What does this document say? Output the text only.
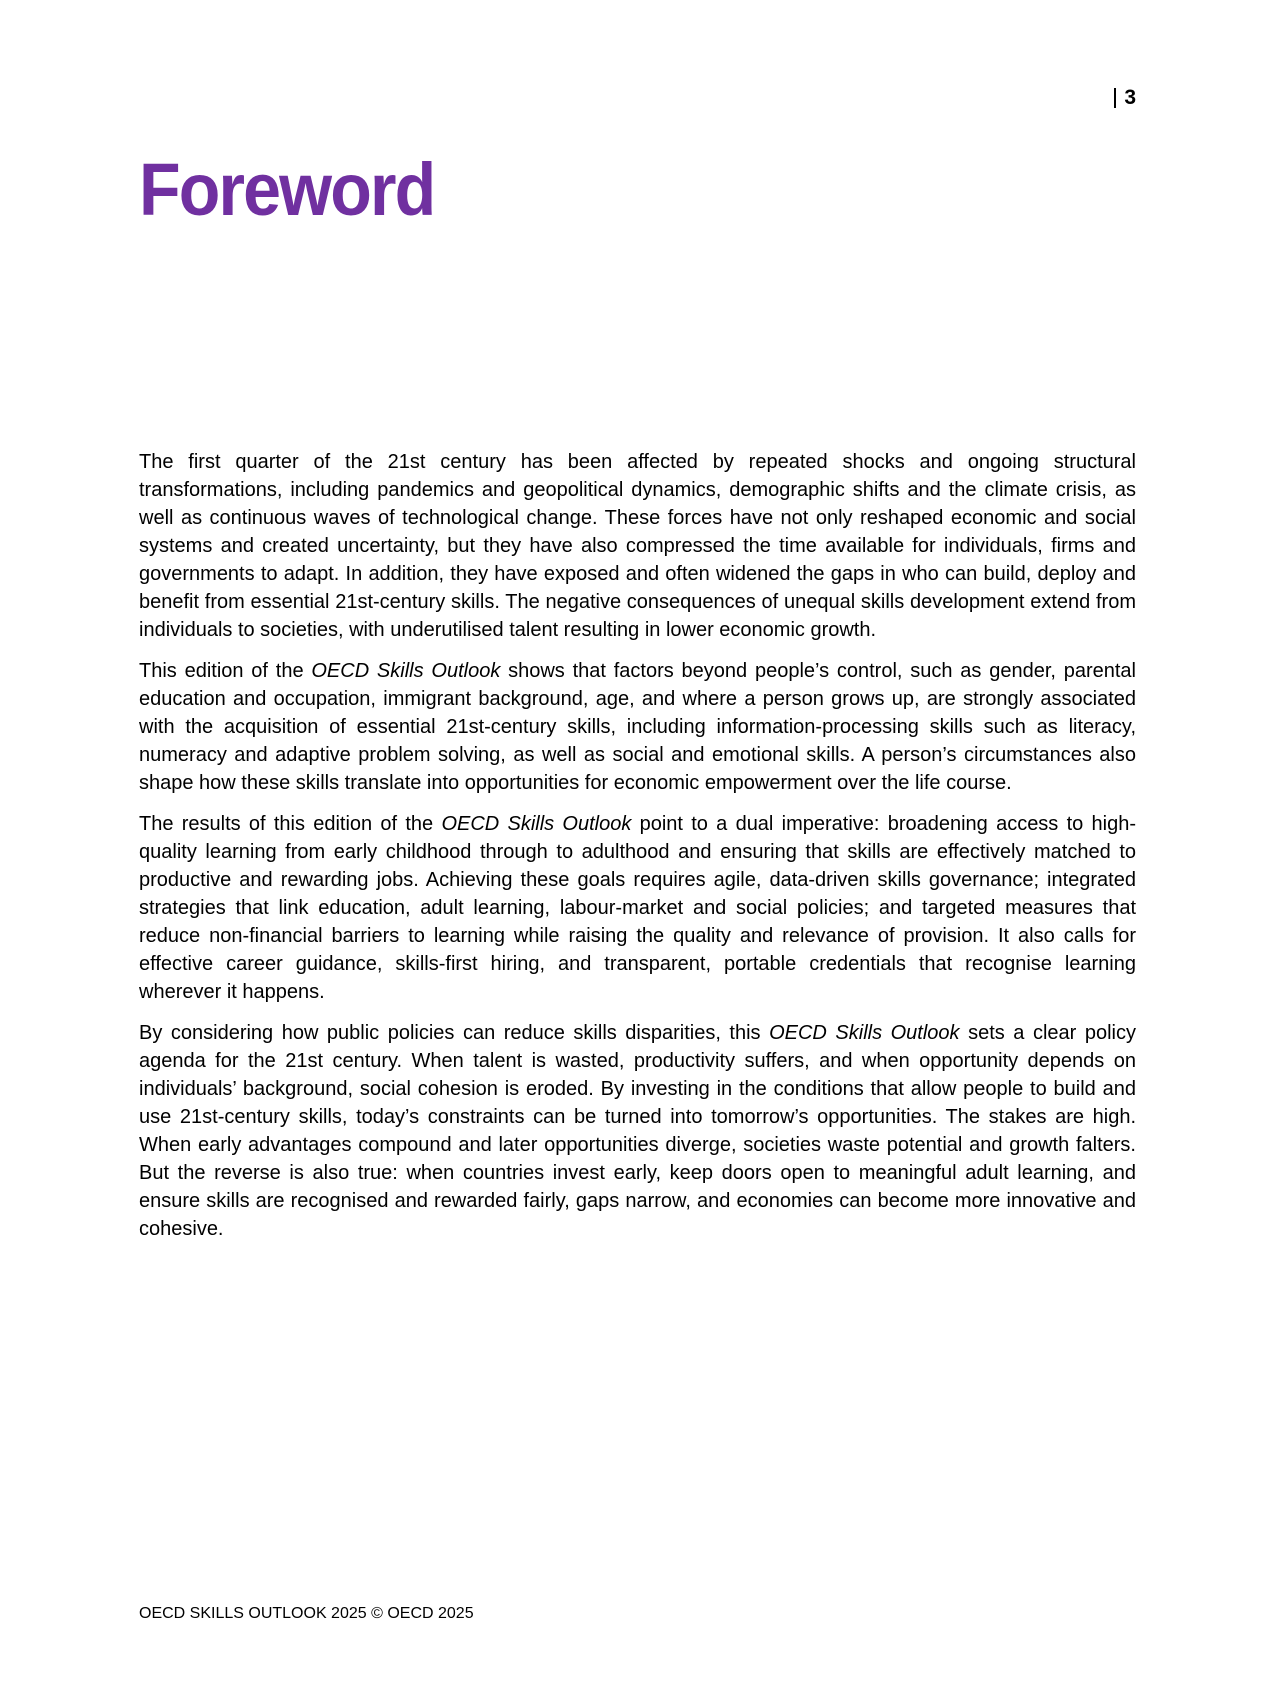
3
Foreword

The first quarter of the 21st century has been affected by repeated shocks and ongoing structural transformations, including pandemics and geopolitical dynamics, demographic shifts and the climate crisis, as well as continuous waves of technological change. These forces have not only reshaped economic and social systems and created uncertainty, but they have also compressed the time available for individuals, firms and governments to adapt. In addition, they have exposed and often widened the gaps in who can build, deploy and benefit from essential 21st-century skills. The negative consequences of unequal skills development extend from individuals to societies, with underutilised talent resulting in lower economic growth.

This edition of the OECD Skills Outlook shows that factors beyond people’s control, such as gender, parental education and occupation, immigrant background, age, and where a person grows up, are strongly associated with the acquisition of essential 21st-century skills, including information-processing skills such as literacy, numeracy and adaptive problem solving, as well as social and emotional skills. A person’s circumstances also shape how these skills translate into opportunities for economic empowerment over the life course.

The results of this edition of the OECD Skills Outlook point to a dual imperative: broadening access to high-quality learning from early childhood through to adulthood and ensuring that skills are effectively matched to productive and rewarding jobs. Achieving these goals requires agile, data-driven skills governance; integrated strategies that link education, adult learning, labour-market and social policies; and targeted measures that reduce non-financial barriers to learning while raising the quality and relevance of provision. It also calls for effective career guidance, skills-first hiring, and transparent, portable credentials that recognise learning wherever it happens.

By considering how public policies can reduce skills disparities, this OECD Skills Outlook sets a clear policy agenda for the 21st century. When talent is wasted, productivity suffers, and when opportunity depends on individuals’ background, social cohesion is eroded. By investing in the conditions that allow people to build and use 21st-century skills, today’s constraints can be turned into tomorrow’s opportunities. The stakes are high. When early advantages compound and later opportunities diverge, societies waste potential and growth falters. But the reverse is also true: when countries invest early, keep doors open to meaningful adult learning, and ensure skills are recognised and rewarded fairly, gaps narrow, and economies can become more innovative and cohesive.

OECD SKILLS OUTLOOK 2025 © OECD 2025
